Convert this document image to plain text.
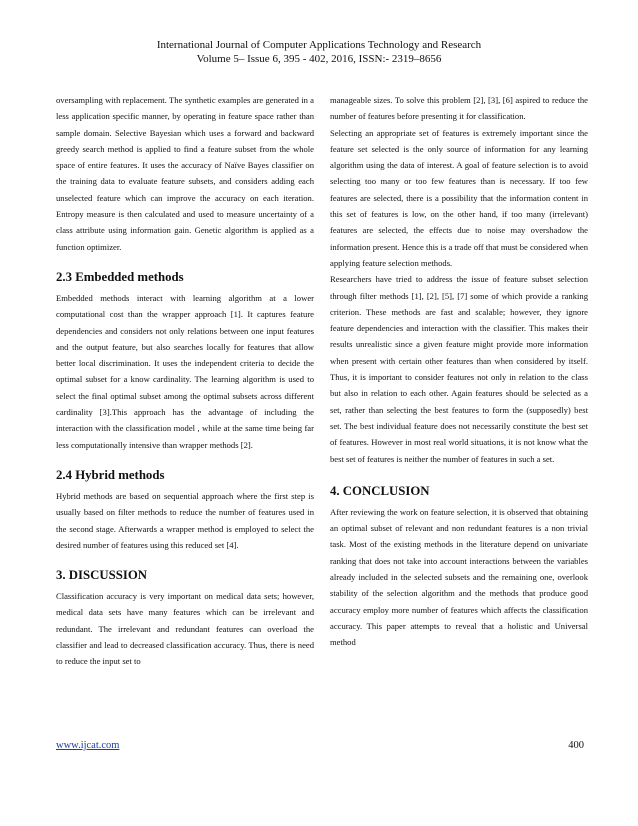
International Journal of Computer Applications Technology and Research
Volume 5– Issue 6, 395 - 402, 2016, ISSN:- 2319–8656

oversampling with replacement. The synthetic examples are generated in a less application specific manner, by operating in feature space rather than sample domain. Selective Bayesian which uses a forward and backward greedy search method is applied to find a feature subset from the whole space of entire features. It uses the accuracy of Naïve Bayes classifier on the training data to evaluate feature subsets, and considers adding each unselected feature which can improve the accuracy on each iteration. Entropy measure is then calculated and used to measure uncertainty of a class attribute using information gain. Genetic algorithm is applied as a function optimizer.

2.3 Embedded methods

Embedded methods interact with learning algorithm at a lower computational cost than the wrapper approach [1]. It captures feature dependencies and considers not only relations between one input features and the output feature, but also searches locally for features that allow better local discrimination. It uses the independent criteria to decide the optimal subset for a know cardinality. The learning algorithm is used to select the final optimal subset among the optimal subsets across different cardinality [3].This approach has the advantage of including the interaction with the classification model , while at the same time being far less computationally intensive than wrapper methods [2].

2.4 Hybrid methods

Hybrid methods are based on sequential approach where the first step is usually based on filter methods to reduce the number of features used in the second stage. Afterwards a wrapper method is employed to select the desired number of features using this reduced set [4].

3. DISCUSSION

Classification accuracy is very important on medical data sets; however, medical data sets have many features which can be irrelevant and redundant. The irrelevant and redundant features can overload the classifier and lead to decreased classification accuracy. Thus, there is need to reduce the input set to

manageable sizes. To solve this problem [2], [3], [6] aspired to reduce the number of features before presenting it for classification.

Selecting an appropriate set of features is extremely important since the feature set selected is the only source of information for any learning algorithm using the data of interest. A goal of feature selection is to avoid selecting too many or too few features than is necessary. If too few features are selected, there is a possibility that the information content in this set of features is low, on the other hand, if too many (irrelevant) features are selected, the effects due to noise may overshadow the information present. Hence this is a trade off that must be considered when applying feature selection methods.

Researchers have tried to address the issue of feature subset selection through filter methods [1], [2], [5], [7] some of which provide a ranking criterion. These methods are fast and scalable; however, they ignore feature dependencies and interaction with the classifier. This makes their results unrealistic since a given feature might provide more information when present with certain other features than when considered by itself. Thus, it is important to consider features not only in relation to the class but also in relation to each other. Again features should be selected as a set, rather than selecting the best features to form the (supposedly) best set. The best individual feature does not necessarily constitute the best set of features. However in most real world situations, it is not know what the best set of features is neither the number of features in such a set.

4. CONCLUSION

After reviewing the work on feature selection, it is observed that obtaining an optimal subset of relevant and non redundant features is a non trivial task. Most of the existing methods in the literature depend on univariate ranking that does not take into account interactions between the variables already included in the selected subsets and the remaining one, overlook stability of the selection algorithm and the methods that produce good accuracy employ more number of features which affects the classification accuracy. This paper attempts to reveal that a holistic and Universal method

www.ijcat.com	400
